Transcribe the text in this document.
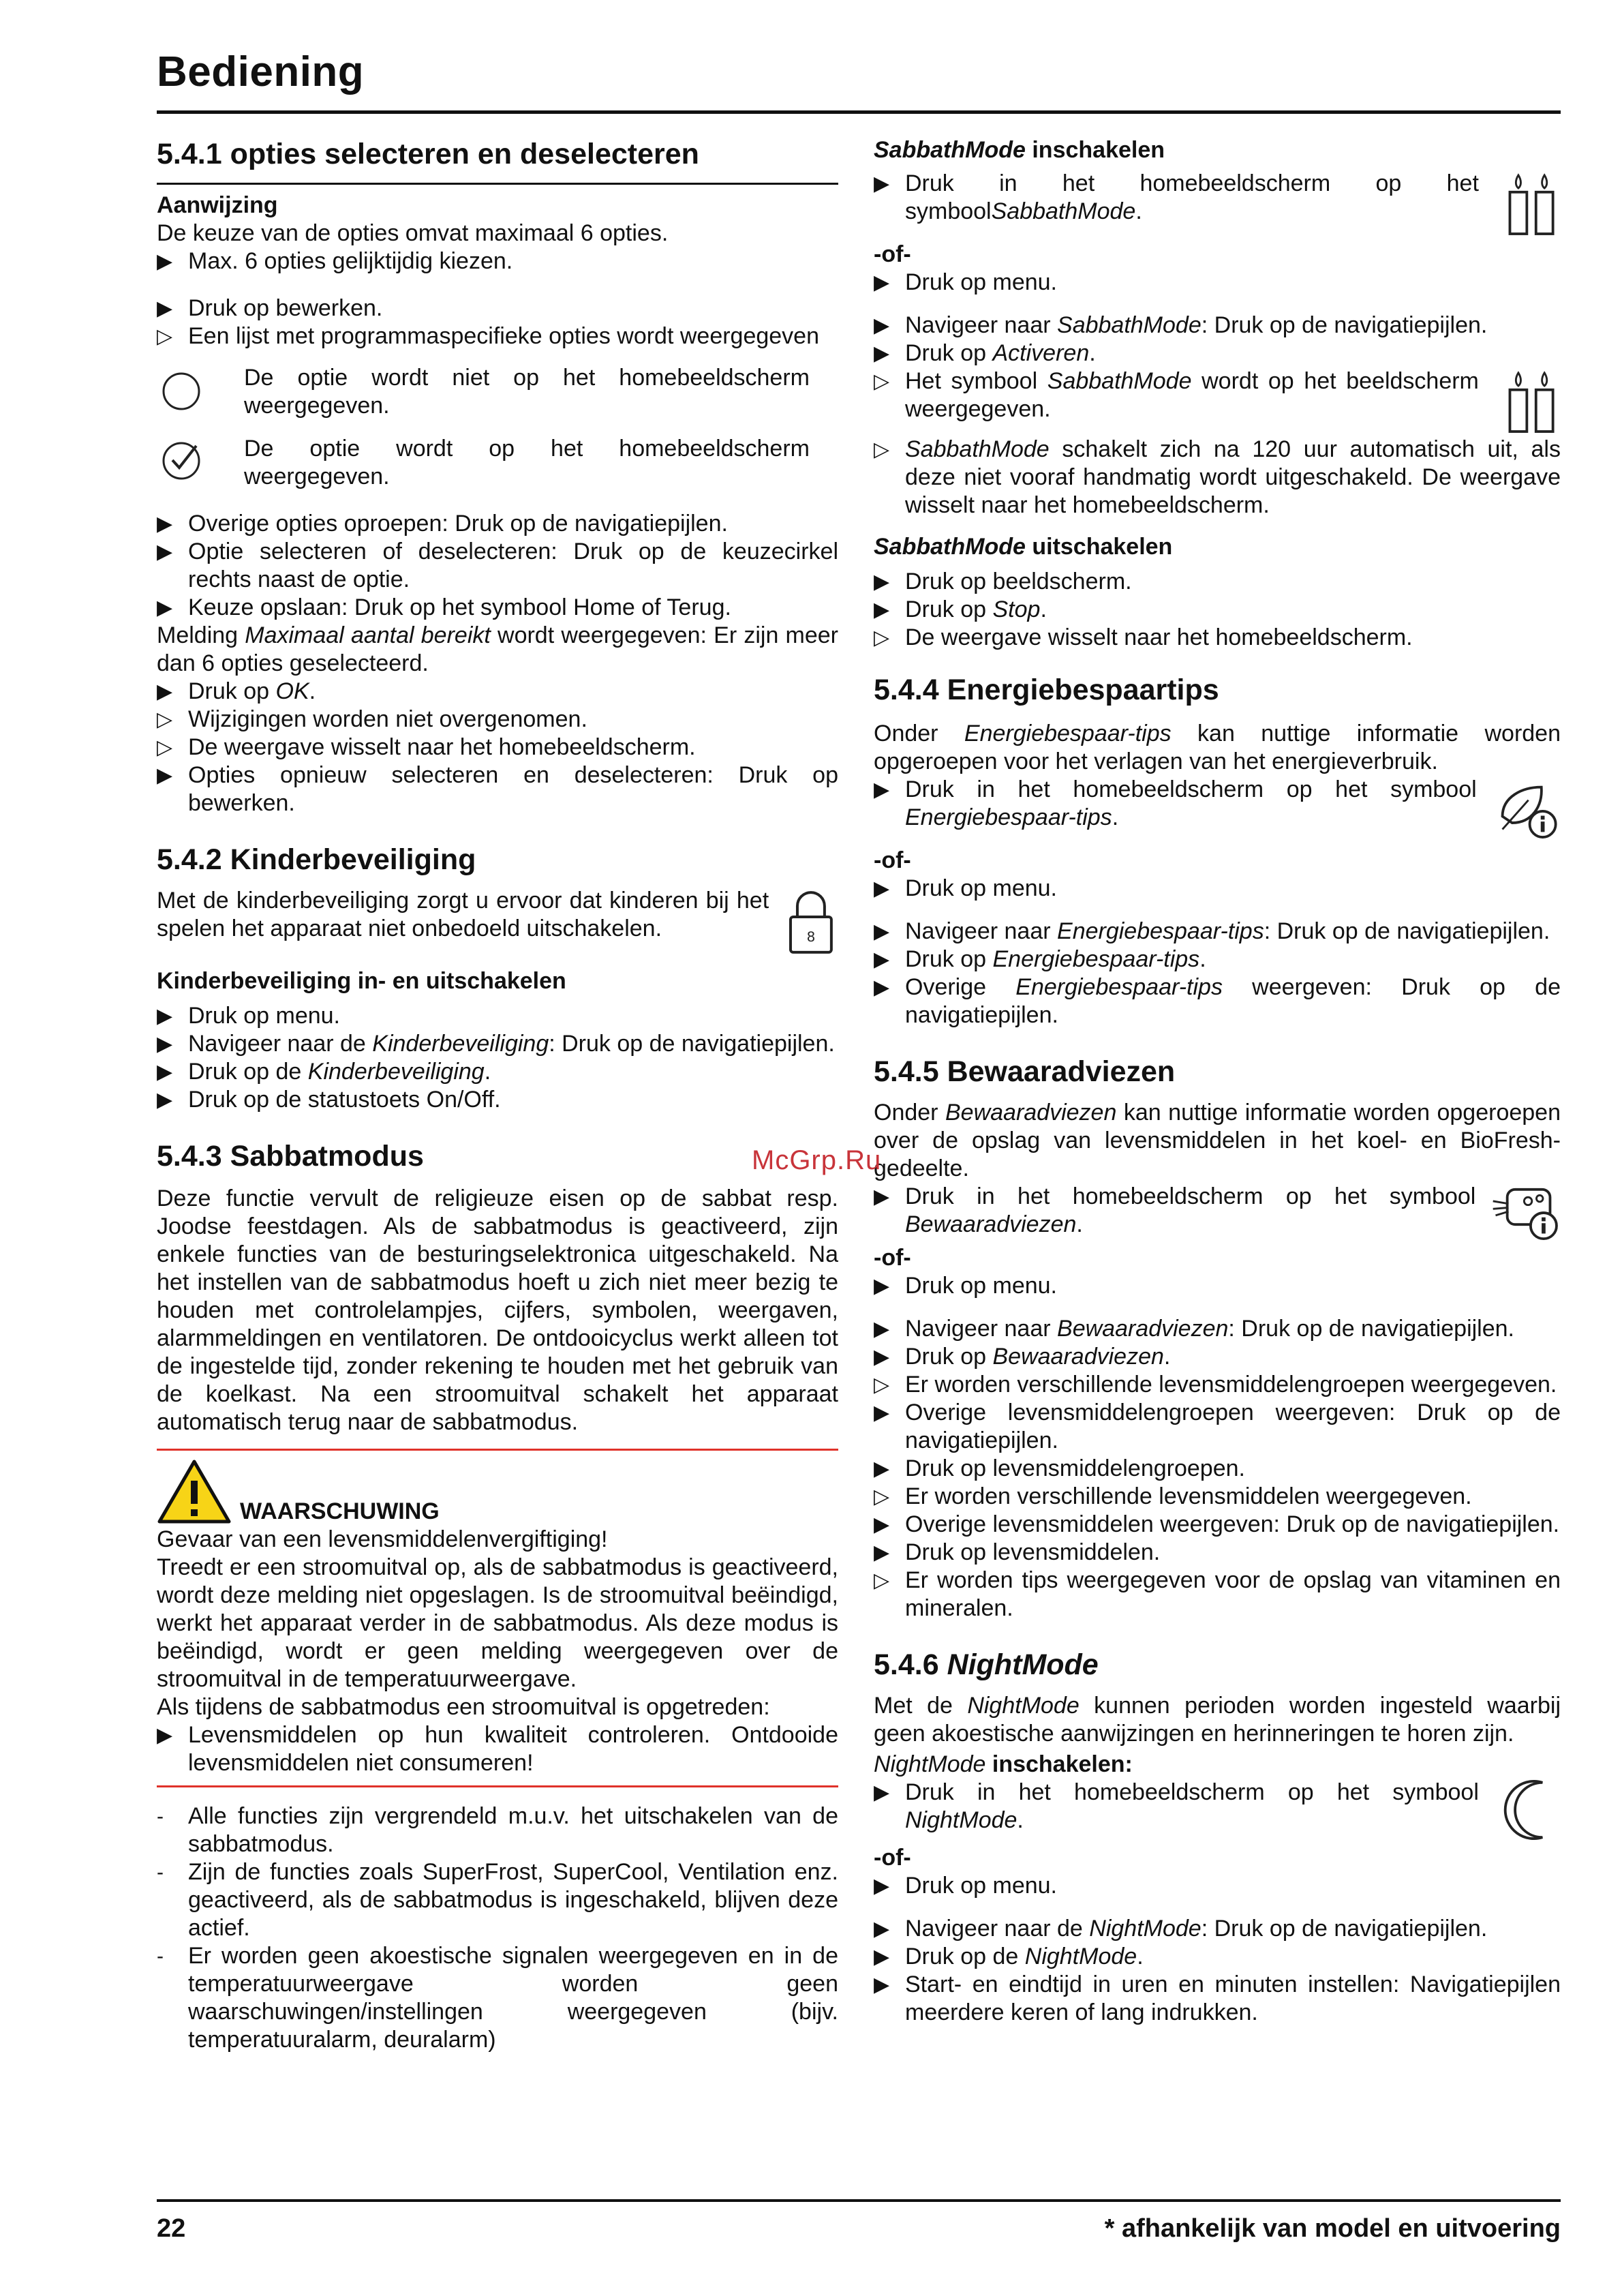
Bediening
5.4.1 opties selecteren en deselecteren
Aanwijzing

De keuze van de opties omvat maximaal 6 opties.

▶ Max. 6 opties gelijktijdig kiezen.
▶ Druk op bewerken.
▷ Een lijst met programmaspecifieke opties wordt weergegeven

De optie wordt niet op het homebeeldscherm weergegeven.

De optie wordt op het homebeeldscherm weergegeven.

▶ Overige opties oproepen: Druk op de navigatiepijlen.
▶ Optie selecteren of deselecteren: Druk op de keuzecirkel rechts naast de optie.
▶ Keuze opslaan: Druk op het symbool Home of Terug.

Melding Maximaal aantal bereikt wordt weergegeven: Er zijn meer dan 6 opties geselecteerd.

▶ Druk op OK.
▷ Wijzigingen worden niet overgenomen.
▷ De weergave wisselt naar het homebeeldscherm.
▶ Opties opnieuw selecteren en deselecteren: Druk op bewerken.
5.4.2 Kinderbeveiliging

Met de kinderbeveiliging zorgt u ervoor dat kinderen bij het spelen het apparaat niet onbedoeld uitschakelen.	8
Kinderbeveiliging in- en uitschakelen
▶ Druk op menu.
▶ Navigeer naar de Kinderbeveiliging: Druk op de navigatiepijlen.
▶ Druk op de Kinderbeveiliging.
▶ Druk op de statustoets On/Off.
5.4.3 Sabbatmodus

Deze functie vervult de religieuze eisen op de sabbat resp. Joodse feestdagen. Als de sabbatmodus is geactiveerd, zijn enkele functies van de besturingselektronica uitgeschakeld. Na het instellen van de sabbatmodus hoeft u zich niet meer bezig te houden met controlelampjes, cijfers, symbolen, weergaven, alarmmeldingen en ventilatoren. De ontdooicyclus werkt alleen tot de ingestelde tijd, zonder rekening te houden met het gebruik van de koelkast. Na een stroomuitval schakelt het apparaat automatisch terug naar de sabbatmodus.

WAARSCHUWING

Gevaar van een levensmiddelenvergiftiging!

Treedt er een stroomuitval op, als de sabbatmodus is geactiveerd, wordt deze melding niet opgeslagen. Is de stroomuitval beëindigd, werkt het apparaat verder in de sabbatmodus. Als deze modus is beëindigd, wordt er geen melding weergegeven over de stroomuitval in de temperatuurweergave.

Als tijdens de sabbatmodus een stroomuitval is opgetreden:

▶ Levensmiddelen op hun kwaliteit controleren. Ontdooide levensmiddelen niet consumeren!
-	Alle functies zijn vergrendeld m.u.v. het uitschakelen van de sabbatmodus.
-	Zijn de functies zoals SuperFrost, SuperCool, Ventilation enz. geactiveerd, als de sabbatmodus is ingeschakeld, blijven deze actief.
-	Er worden geen akoestische signalen weergegeven en in de temperatuurweergave worden geen waarschuwingen/instellingen weergegeven (bijv. temperatuuralarm, deuralarm)
SabbathMode inschakelen
▶ Druk in het homebeeldscherm op het symboolSabbathMode.
-of-
▶ Druk op menu.
▶ Navigeer naar SabbathMode: Druk op de navigatiepijlen.
▶ Druk op Activeren.
▷ Het symbool SabbathMode wordt op het beeldscherm weergegeven.
▷ SabbathMode schakelt zich na 120 uur automatisch uit, als deze niet vooraf handmatig wordt uitgeschakeld. De weergave wisselt naar het homebeeldscherm.
SabbathMode uitschakelen
▶ Druk op beeldscherm.
▶ Druk op Stop.
▷ De weergave wisselt naar het homebeeldscherm.
5.4.4 Energiebespaartips

Onder Energiebespaar-tips kan nuttige informatie worden opgeroepen voor het verlagen van het energieverbruik.

▶ Druk in het homebeeldscherm op het symbool Energiebespaar-tips.
-of-
▶ Druk op menu.
▶ Navigeer naar Energiebespaar-tips: Druk op de navigatiepijlen.
▶ Druk op Energiebespaar-tips.
▶ Overige Energiebespaar-tips weergeven: Druk op de navigatiepijlen.
5.4.5 Bewaaradviezen

Onder Bewaaradviezen kan nuttige informatie worden opgeroepen over de opslag van levensmiddelen in het koel- en BioFresh-gedeelte.

▶ Druk in het homebeeldscherm op het symbool Bewaaradviezen.
-of-
▶ Druk op menu.
▶ Navigeer naar Bewaaradviezen: Druk op de navigatiepijlen.
▶ Druk op Bewaaradviezen.
▷ Er worden verschillende levensmiddelengroepen weergegeven.
▶ Overige levensmiddelengroepen weergeven: Druk op de navigatiepijlen.
▶ Druk op levensmiddelengroepen.
▷ Er worden verschillende levensmiddelen weergegeven.
▶ Overige levensmiddelen weergeven: Druk op de navigatiepijlen.
▶ Druk op levensmiddelen.
▷ Er worden tips weergegeven voor de opslag van vitaminen en mineralen.
5.4.6 NightMode

Met de NightMode kunnen perioden worden ingesteld waarbij geen akoestische aanwijzingen en herinneringen te horen zijn.

NightMode inschakelen:
▶ Druk in het homebeeldscherm op het symbool NightMode.
-of-
▶ Druk op menu.
▶ Navigeer naar de NightMode: Druk op de navigatiepijlen.
▶ Druk op de NightMode.
▶ Start- en eindtijd in uren en minuten instellen: Navigatiepijlen meerdere keren of lang indrukken.
McGrp.Ru
22	* afhankelijk van model en uitvoering
